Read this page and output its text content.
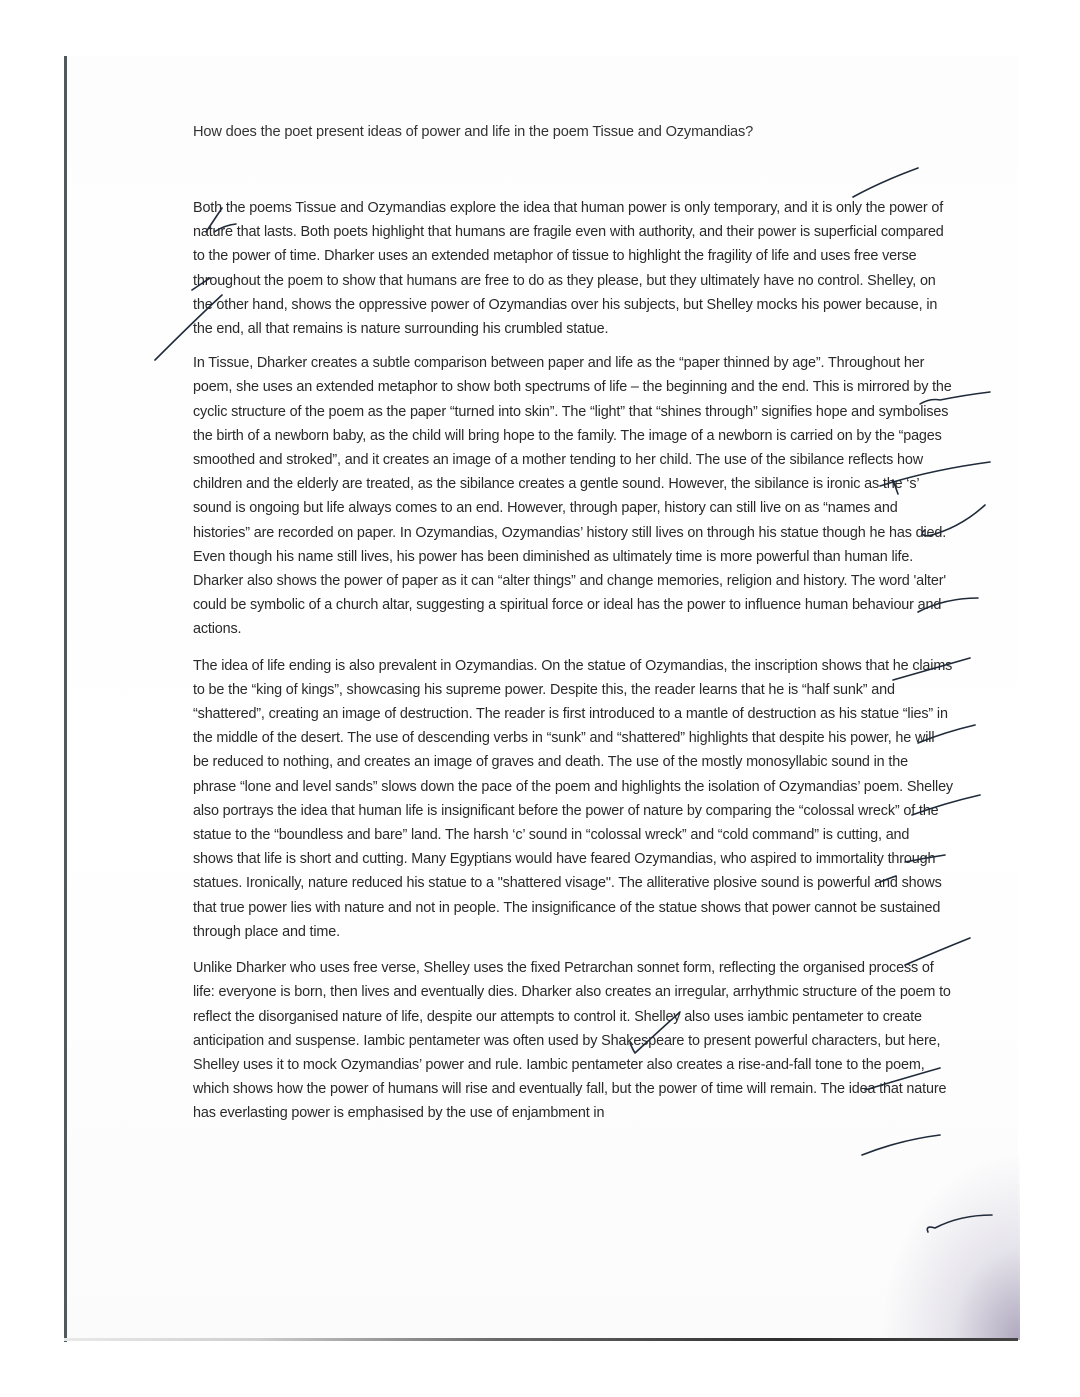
How does the poet present ideas of power and life in the poem Tissue and Ozymandias?

Both the poems Tissue and Ozymandias explore the idea that human power is only temporary, and it is only the power of nature that lasts. Both poets highlight that humans are fragile even with authority, and their power is superficial compared to the power of time. Dharker uses an extended metaphor of tissue to highlight the fragility of life and uses free verse throughout the poem to show that humans are free to do as they please, but they ultimately have no control. Shelley, on the other hand, shows the oppressive power of Ozymandias over his subjects, but Shelley mocks his power because, in the end, all that remains is nature surrounding his crumbled statue.

In Tissue, Dharker creates a subtle comparison between paper and life as the “paper thinned by age”. Throughout her poem, she uses an extended metaphor to show both spectrums of life – the beginning and the end. This is mirrored by the cyclic structure of the poem as the paper “turned into skin”. The “light” that “shines through” signifies hope and symbolises the birth of a newborn baby, as the child will bring hope to the family. The image of a newborn is carried on by the “pages smoothed and stroked”, and it creates an image of a mother tending to her child. The use of the sibilance reflects how children and the elderly are treated, as the sibilance creates a gentle sound. However, the sibilance is ironic as the ‘s’ sound is ongoing but life always comes to an end. However, through paper, history can still live on as “names and histories” are recorded on paper. In Ozymandias, Ozymandias’ history still lives on through his statue though he has died. Even though his name still lives, his power has been diminished as ultimately time is more powerful than human life. Dharker also shows the power of paper as it can “alter things” and change memories, religion and history. The word 'alter' could be symbolic of a church altar, suggesting a spiritual force or ideal has the power to influence human behaviour and actions.

The idea of life ending is also prevalent in Ozymandias. On the statue of Ozymandias, the inscription shows that he claims to be the “king of kings”, showcasing his supreme power. Despite this, the reader learns that he is “half sunk” and “shattered”, creating an image of destruction. The reader is first introduced to a mantle of destruction as his statue “lies” in the middle of the desert. The use of descending verbs in “sunk” and “shattered” highlights that despite his power, he will be reduced to nothing, and creates an image of graves and death. The use of the mostly monosyllabic sound in the phrase “lone and level sands” slows down the pace of the poem and highlights the isolation of Ozymandias’ poem. Shelley also portrays the idea that human life is insignificant before the power of nature by comparing the “colossal wreck” of the statue to the “boundless and bare” land. The harsh ‘c’ sound in “colossal wreck” and “cold command” is cutting, and shows that life is short and cutting. Many Egyptians would have feared Ozymandias, who aspired to immortality through statues. Ironically, nature reduced his statue to a "shattered visage". The alliterative plosive sound is powerful and shows that true power lies with nature and not in people. The insignificance of the statue shows that power cannot be sustained through place and time.

Unlike Dharker who uses free verse, Shelley uses the fixed Petrarchan sonnet form, reflecting the organised process of life: everyone is born, then lives and eventually dies. Dharker also creates an irregular, arrhythmic structure of the poem to reflect the disorganised nature of life, despite our attempts to control it. Shelley also uses iambic pentameter to create anticipation and suspense. Iambic pentameter was often used by Shakespeare to present powerful characters, but here, Shelley uses it to mock Ozymandias’ power and rule. Iambic pentameter also creates a rise-and-fall tone to the poem, which shows how the power of humans will rise and eventually fall, but the power of time will remain. The idea that nature has everlasting power is emphasised by the use of enjambment in
